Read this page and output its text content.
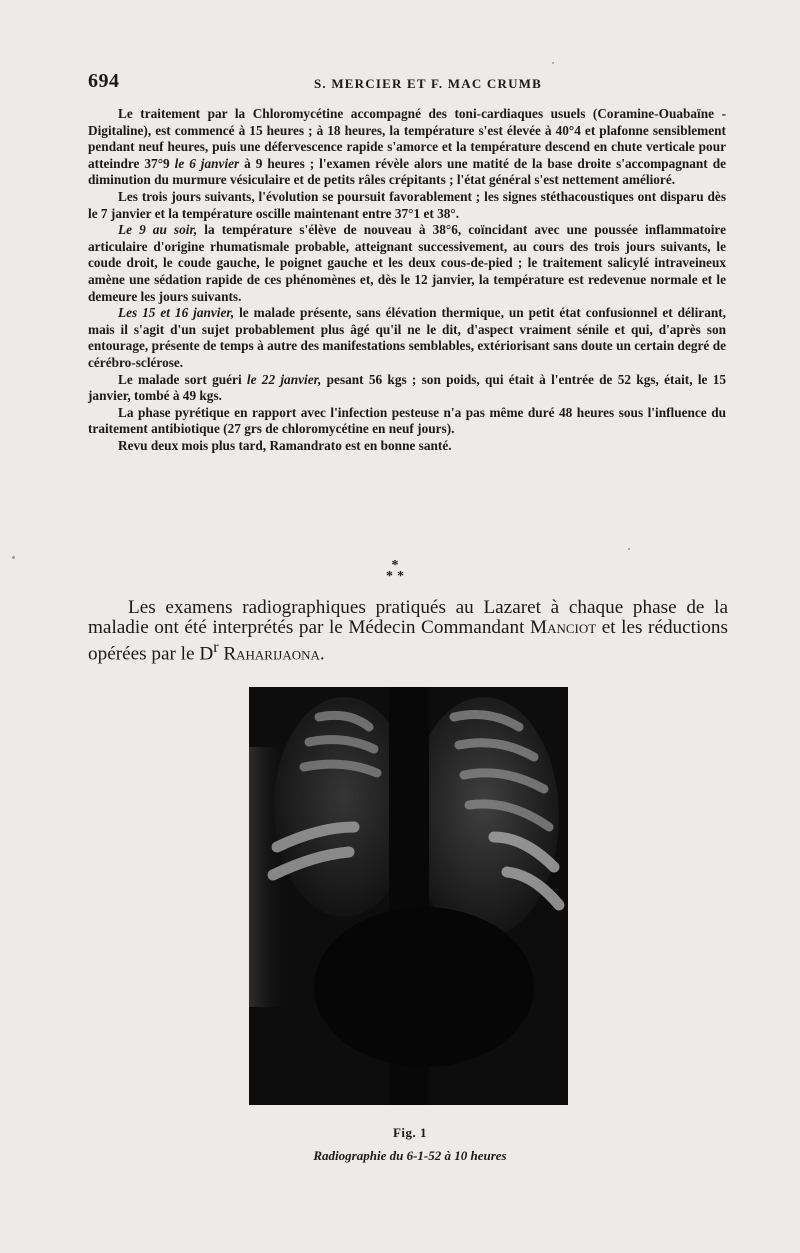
694	S. MERCIER ET F. MAC CRUMB

Le traitement par la Chloromycétine accompagné des toni-cardiaques usuels (Coramine-Ouabaïne - Digitaline), est commencé à 15 heures ; à 18 heures, la température s'est élevée à 40°4 et plafonne sensiblement pendant neuf heures, puis une défervescence rapide s'amorce et la température descend en chute verticale pour atteindre 37°9 le 6 janvier à 9 heures ; l'examen révèle alors une matité de la base droite s'accompagnant de diminution du murmure vésiculaire et de petits râles crépitants ; l'état général s'est nettement amélioré.

Les trois jours suivants, l'évolution se poursuit favorablement ; les signes stéthacoustiques ont disparu dès le 7 janvier et la température oscille maintenant entre 37°1 et 38°.

Le 9 au soir, la température s'élève de nouveau à 38°6, coïncidant avec une poussée inflammatoire articulaire d'origine rhumatismale probable, atteignant successivement, au cours des trois jours suivants, le coude droit, le coude gauche, le poignet gauche et les deux cous-de-pied ; le traitement salicylé intraveineux amène une sédation rapide de ces phénomènes et, dès le 12 janvier, la température est redevenue normale et le demeure les jours suivants.

Les 15 et 16 janvier, le malade présente, sans élévation thermique, un petit état confusionnel et délirant, mais il s'agit d'un sujet probablement plus âgé qu'il ne le dit, d'aspect vraiment sénile et qui, d'après son entourage, présente de temps à autre des manifestations semblables, extériorisant sans doute un certain degré de cérébro-sclérose.

Le malade sort guéri le 22 janvier, pesant 56 kgs ; son poids, qui était à l'entrée de 52 kgs, était, le 15 janvier, tombé à 49 kgs.

La phase pyrétique en rapport avec l'infection pesteuse n'a pas même duré 48 heures sous l'influence du traitement antibiotique (27 grs de chloromycétine en neuf jours).

Revu deux mois plus tard, Ramandrato est en bonne santé.

*
**

Les examens radiographiques pratiqués au Lazaret à chaque phase de la maladie ont été interprétés par le Médecin Commandant Manciot et les réductions opérées par le $D^r$ Raharijaona.

Fig. 1
Radiographie du 6-1-52 à 10 heures
